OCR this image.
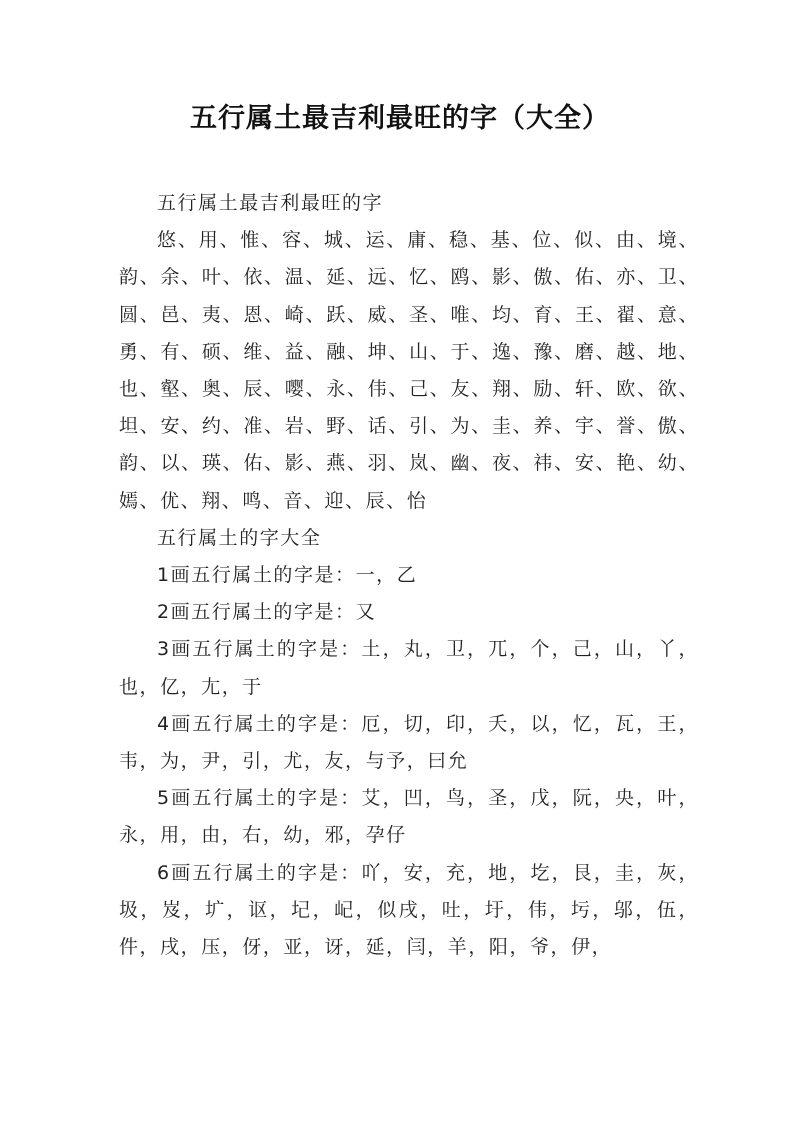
五行属土最吉利最旺的字（大全）

五行属土最吉利最旺的字

悠、用、惟、容、城、运、庸、稳、基、位、似、由、境、韵、余、叶、依、温、延、远、忆、鸥、影、傲、佑、亦、卫、圆、邑、夷、恩、崎、跃、威、圣、唯、均、育、王、翟、意、勇、有、硕、维、益、融、坤、山、于、逸、豫、磨、越、地、也、壑、奥、辰、嘤、永、伟、己、友、翔、励、轩、欧、欲、坦、安、约、准、岩、野、话、引、为、圭、养、宇、誉、傲、韵、以、瑛、佑、影、燕、羽、岚、幽、夜、祎、安、艳、幼、嫣、优、翔、鸣、音、迎、辰、怡

五行属土的字大全

1画五行属土的字是：一，乙

2画五行属土的字是：又

3画五行属土的字是：土，丸，卫，兀，个，己，山，丫，也，亿，尢，于

4画五行属土的字是：厄，切，印，夭，以，忆，瓦，王，韦，为，尹，引，尤，友，与予，曰允

5画五行属土的字是：艾，凹，鸟，圣，戊，阮，央，叶，永，用，由，右，幼，邪，孕仔

6画五行属土的字是：吖，安，充，地，圪，艮，圭，灰，圾，岌，圹，讴，圮，屺，似戌，吐，圩，伟，圬，邬，伍，件，戌，压，伢，亚，讶，延，闫，羊，阳，爷，伊，
